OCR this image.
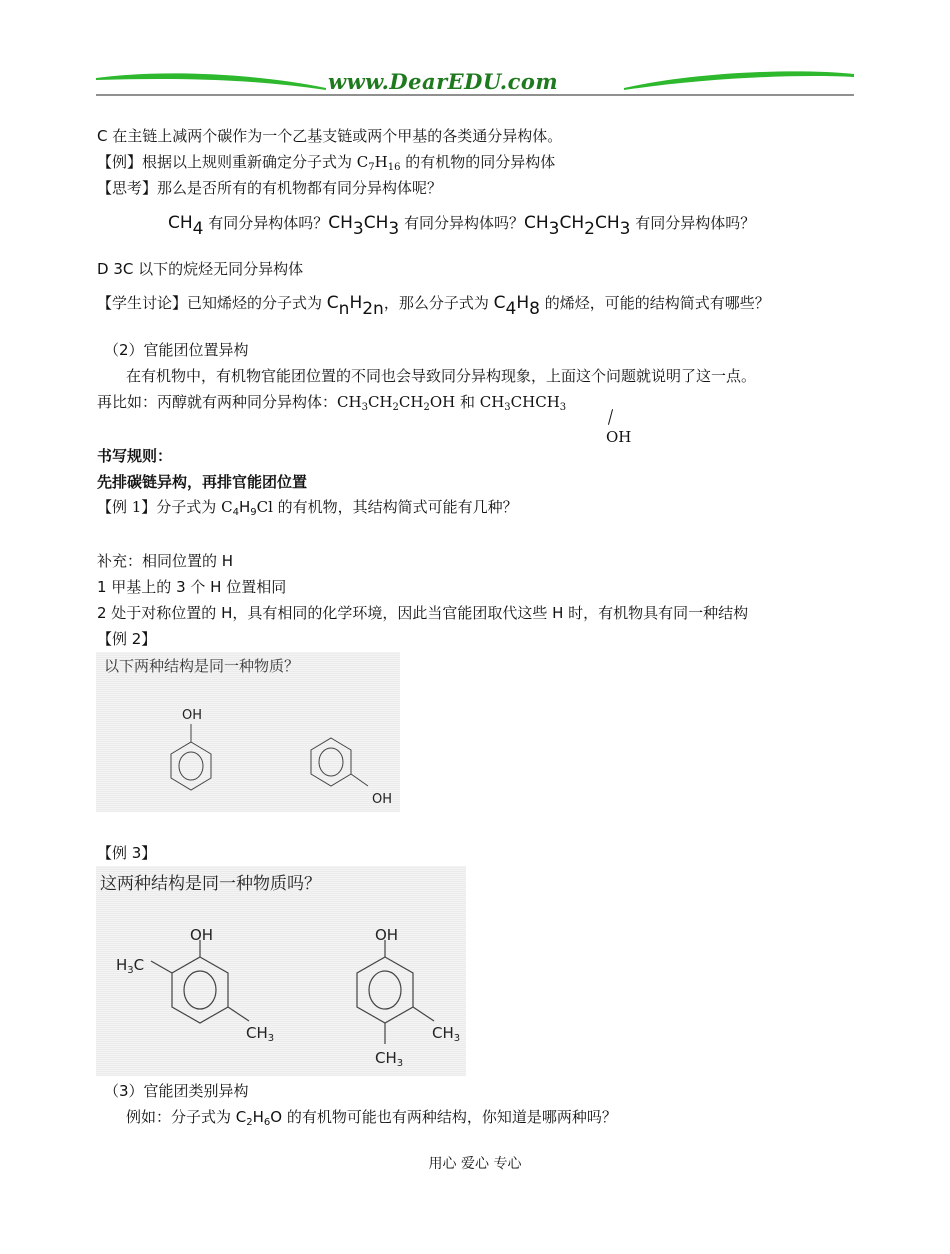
www.DearEDU.com
C 在主链上减两个碳作为一个乙基支链或两个甲基的各类通分异构体。
【例】根据以上规则重新确定分子式为 $C_7H_{16}$ 的有机物的同分异构体
【思考】那么是否所有的有机物都有同分异构体呢？
$CH_4$ 有同分异构体吗？$CH_3CH_3$ 有同分异构体吗？$CH_3CH_2CH_3$ 有同分异构体吗？
D 3C 以下的烷烃无同分异构体
【学生讨论】已知烯烃的分子式为 $C_nH_{2n}$，那么分子式为 $C_4H_8$ 的烯烃，可能的结构简式有哪些？
（2）官能团位置异构
在有机物中，有机物官能团位置的不同也会导致同分异构现象，上面这个问题就说明了这一点。
再比如：丙醇就有两种同分异构体：$CH_3CH_2CH_2OH$ 和 $CH_3CHCH_3$
OH
书写规则：
先排碳链异构，再排官能团位置
【例 1】分子式为 $C_4H_9Cl$ 的有机物，其结构简式可能有几种？
补充：相同位置的 H
1 甲基上的 3 个 H 位置相同
2 处于对称位置的 H，具有相同的化学环境，因此当官能团取代这些 H 时，有机物具有同一种结构
【例 2】
以下两种结构是同一种物质？
OH
OH
【例 3】
这两种结构是同一种物质吗？
OH	OH
$H_3C$
$CH_3$	$CH_3$
$CH_3$
（3）官能团类别异构
例如：分子式为 $C_2H_6O$ 的有机物可能也有两种结构，你知道是哪两种吗？
用心 爱心 专心
